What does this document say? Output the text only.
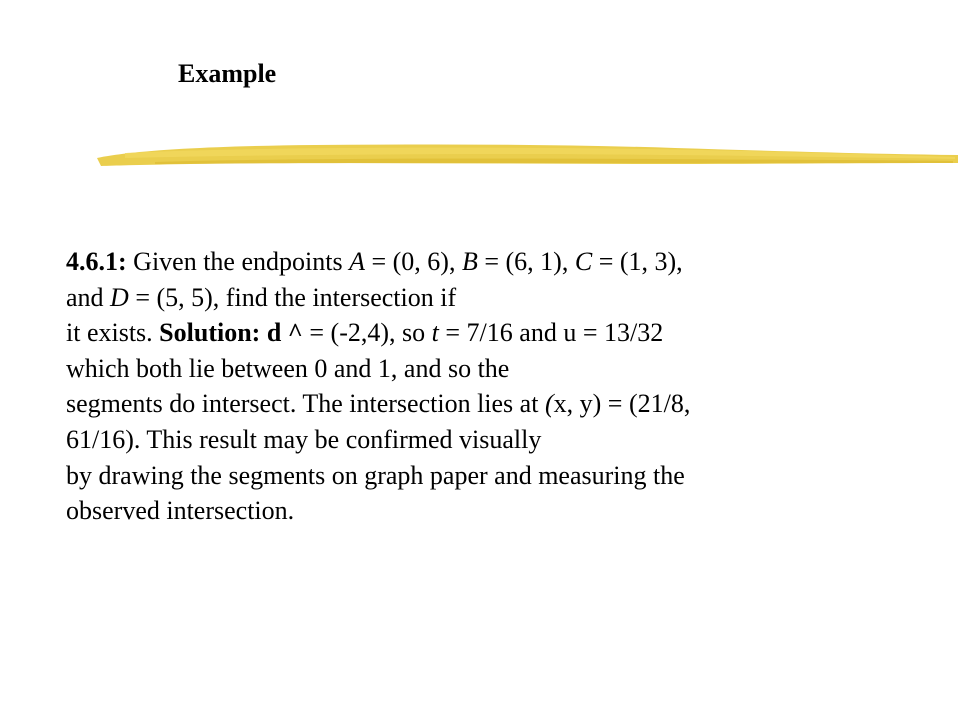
Example
4.6.1: Given the endpoints A = (0, 6), B = (6, 1), C = (1, 3),
and D = (5, 5), find the intersection if
it exists. Solution: d ^ = (-2,4), so t = 7/16 and u = 13/32
which both lie between 0 and 1, and so the
segments do intersect. The intersection lies at (x, y) = (21/8,
61/16). This result may be confirmed visually
by drawing the segments on graph paper and measuring the
observed intersection.
